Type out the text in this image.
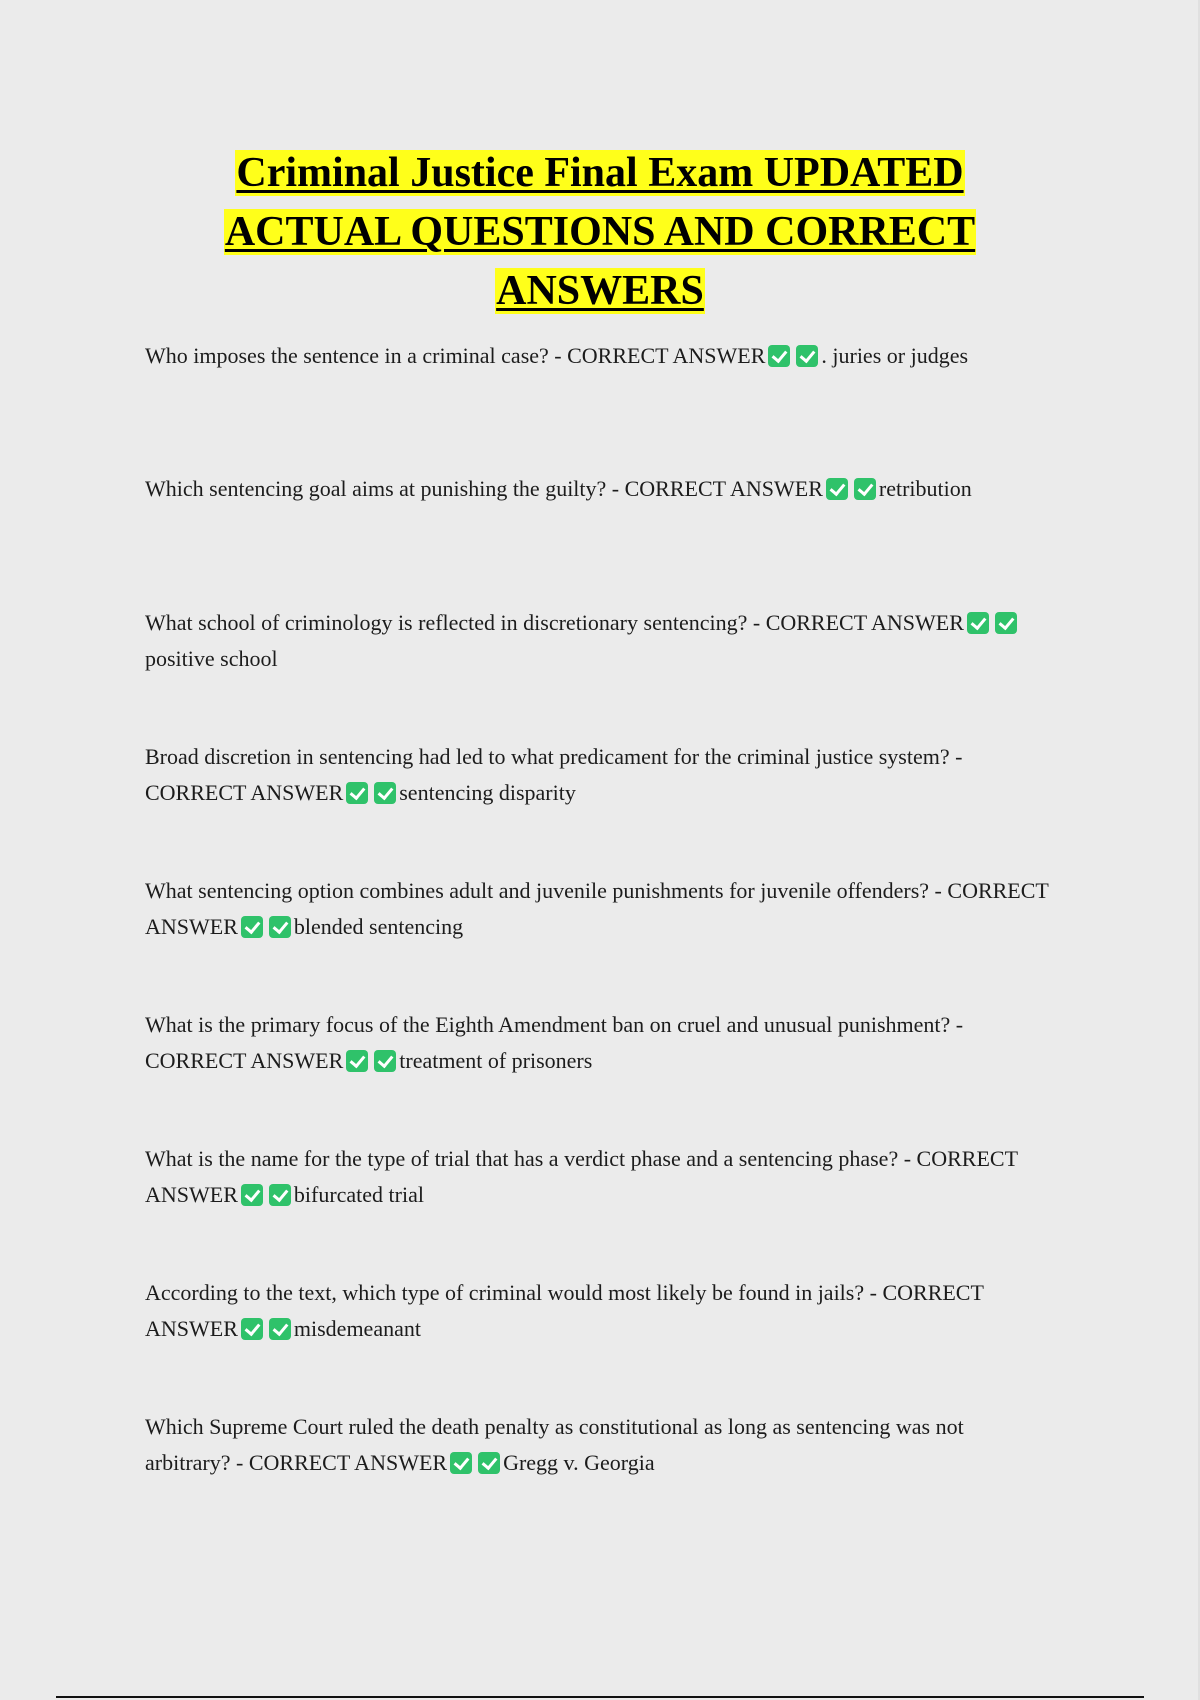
Criminal Justice Final Exam UPDATED
ACTUAL QUESTIONS AND CORRECT
ANSWERS
Who imposes the sentence in a criminal case? - CORRECT ANSWER	. juries or judges
Which sentencing goal aims at punishing the guilty? - CORRECT ANSWER	retribution
What school of criminology is reflected in discretionary sentencing? - CORRECT ANSWERpositive school
Broad discretion in sentencing had led to what predicament for the criminal justice system? - CORRECT ANSWER	sentencing disparity
What sentencing option combines adult and juvenile punishments for juvenile offenders? - CORRECT ANSWER	blended sentencing
What is the primary focus of the Eighth Amendment ban on cruel and unusual punishment? - CORRECT ANSWER	treatment of prisoners
What is the name for the type of trial that has a verdict phase and a sentencing phase? - CORRECT ANSWER	bifurcated trial
According to the text, which type of criminal would most likely be found in jails? - CORRECT ANSWER	misdemeanant
Which Supreme Court ruled the death penalty as constitutional as long as sentencing was not arbitrary? - CORRECT ANSWER	Gregg v. Georgia
